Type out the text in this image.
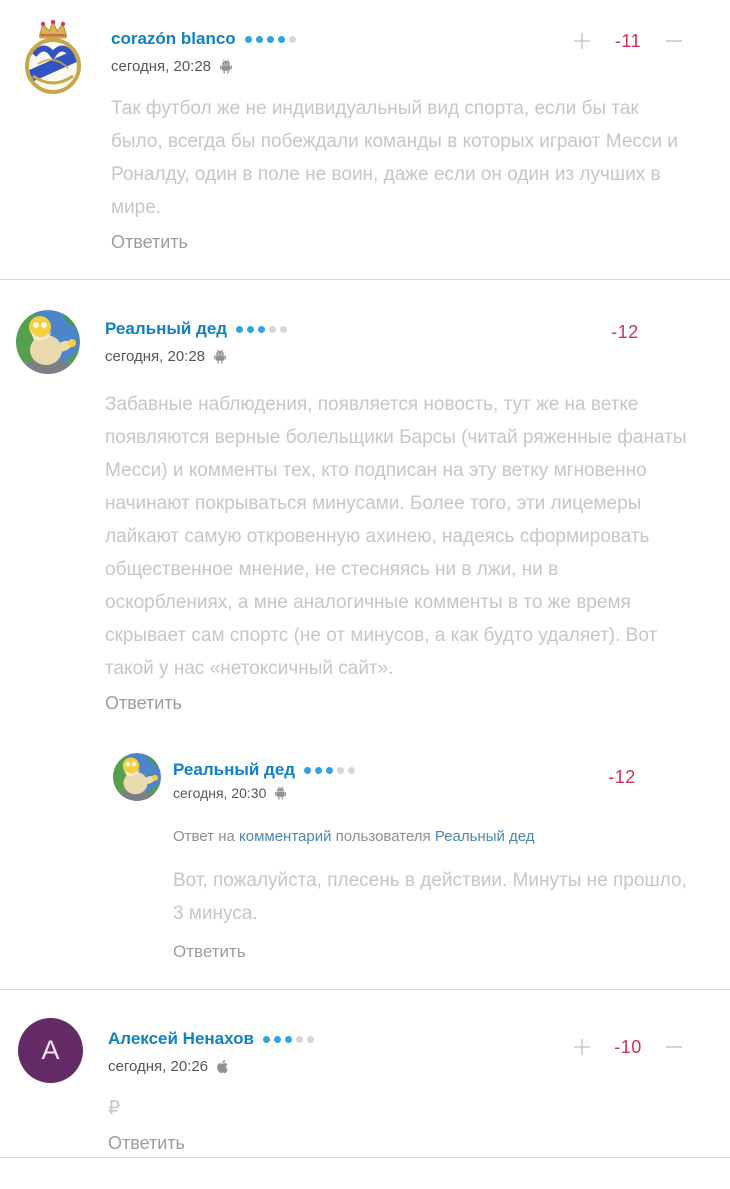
corazón blanco
сегодня, 20:28
Так футбол же не индивидуальный вид спорта, если бы так было, всегда бы побеждали команды в которых играют Месси и Роналду, один в поле не воин, даже если он один из лучших в мире.
Ответить
-11
Реальный дед
сегодня, 20:28
Забавные наблюдения, появляется новость, тут же на ветке появляются верные болельщики Барсы (читай ряженные фанаты Месси) и комменты тех, кто подписан на эту ветку мгновенно начинают покрываться минусами. Более того, эти лицемеры лайкают самую откровенную ахинею, надеясь сформировать общественное мнение, не стесняясь ни в лжи, ни в оскорблениях, а мне аналогичные комменты в то же время скрывает сам спортс (не от минусов, а как будто удаляет). Вот такой у нас «нетоксичный сайт».
Ответить
Реальный дед
сегодня, 20:30
Ответ на комментарий пользователя Реальный дед
Вот, пожалуйста, плесень в действии. Минуты не прошло, 3 минуса.
Ответить
-12
-12
А	Алексей Ненахов
сегодня, 20:26
₽
Ответить
-10
